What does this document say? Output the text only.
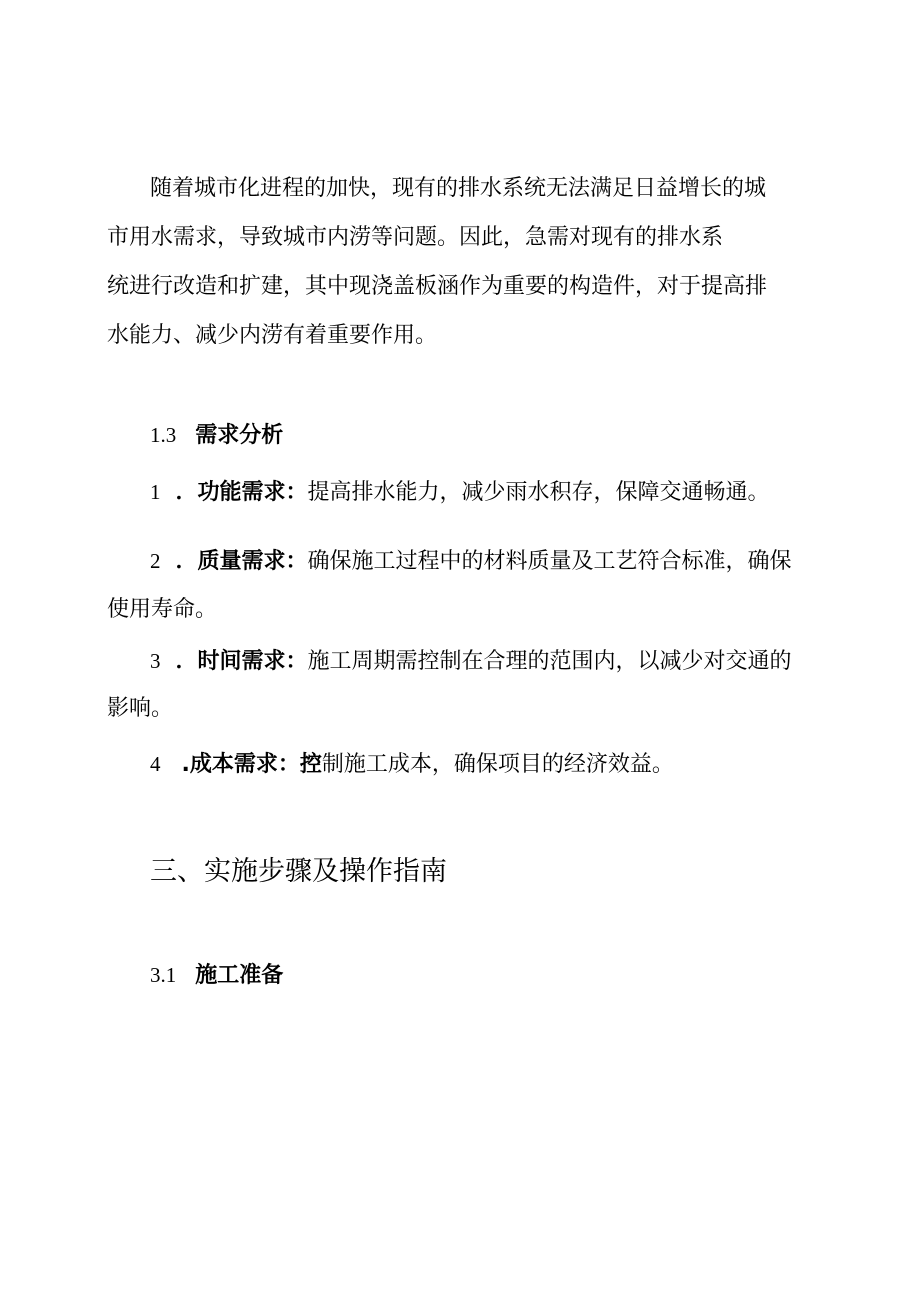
随着城市化进程的加快，现有的排水系统无法满足日益增长的城
市用水需求，导致城市内涝等问题。因此，急需对现有的排水系
统进行改造和扩建，其中现浇盖板涵作为重要的构造件，对于提高排
水能力、减少内涝有着重要作用。
1.3 需求分析
1 ．功能需求：提高排水能力，减少雨水积存，保障交通畅通。
2 ．质量需求：确保施工过程中的材料质量及工艺符合标准，确保
使用寿命。
3 ．时间需求：施工周期需控制在合理的范围内，以减少对交通的
影响。
4 .成本需求：控制施工成本，确保项目的经济效益。
三、实施步骤及操作指南
3.1 施工准备
